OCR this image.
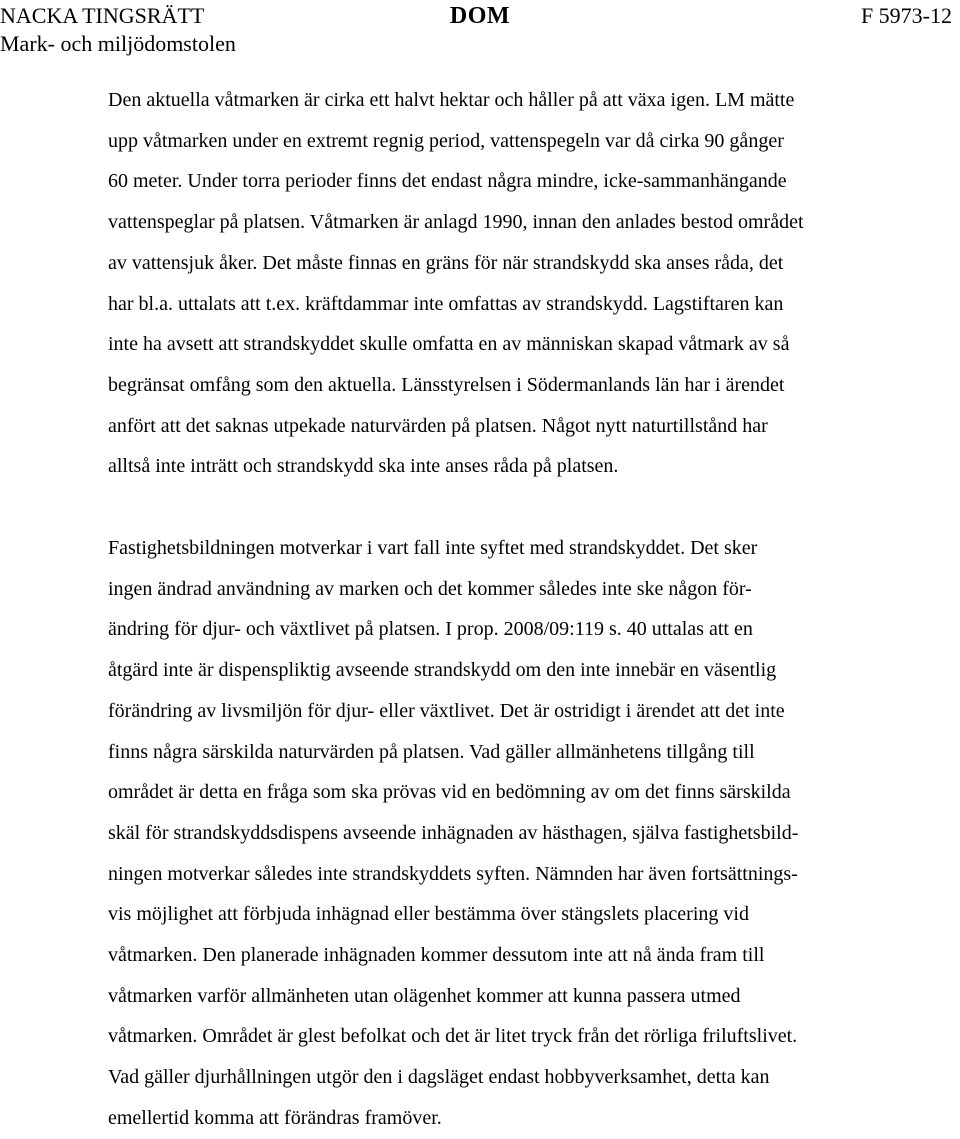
NACKA TINGSRÄTT
Mark- och miljödomstolen
DOM	F 5973-12

Den aktuella våtmarken är cirka ett halvt hektar och håller på att växa igen. LM mätte
upp våtmarken under en extremt regnig period, vattenspegeln var då cirka 90 gånger
60 meter. Under torra perioder finns det endast några mindre, icke-sammanhängande
vattenspeglar på platsen. Våtmarken är anlagd 1990, innan den anlades bestod området
av vattensjuk åker. Det måste finnas en gräns för när strandskydd ska anses råda, det
har bl.a. uttalats att t.ex. kräftdammar inte omfattas av strandskydd. Lagstiftaren kan
inte ha avsett att strandskyddet skulle omfatta en av människan skapad våtmark av så
begränsat omfång som den aktuella. Länsstyrelsen i Södermanlands län har i ärendet
anfört att det saknas utpekade naturvärden på platsen. Något nytt naturtillstånd har
alltså inte inträtt och strandskydd ska inte anses råda på platsen.

Fastighetsbildningen motverkar i vart fall inte syftet med strandskyddet. Det sker
ingen ändrad användning av marken och det kommer således inte ske någon för-
ändring för djur- och växtlivet på platsen. I prop. 2008/09:119 s. 40 uttalas att en
åtgärd inte är dispenspliktig avseende strandskydd om den inte innebär en väsentlig
förändring av livsmiljön för djur- eller växtlivet. Det är ostridigt i ärendet att det inte
finns några särskilda naturvärden på platsen. Vad gäller allmänhetens tillgång till
området är detta en fråga som ska prövas vid en bedömning av om det finns särskilda
skäl för strandskyddsdispens avseende inhägnaden av hästhagen, själva fastighetsbild-
ningen motverkar således inte strandskyddets syften. Nämnden har även fortsättnings-
vis möjlighet att förbjuda inhägnad eller bestämma över stängslets placering vid
våtmarken. Den planerade inhägnaden kommer dessutom inte att nå ända fram till
våtmarken varför allmänheten utan olägenhet kommer att kunna passera utmed
våtmarken. Området är glest befolkat och det är litet tryck från det rörliga friluftslivet.
Vad gäller djurhållningen utgör den i dagsläget endast hobbyverksamhet, detta kan
emellertid komma att förändras framöver.
